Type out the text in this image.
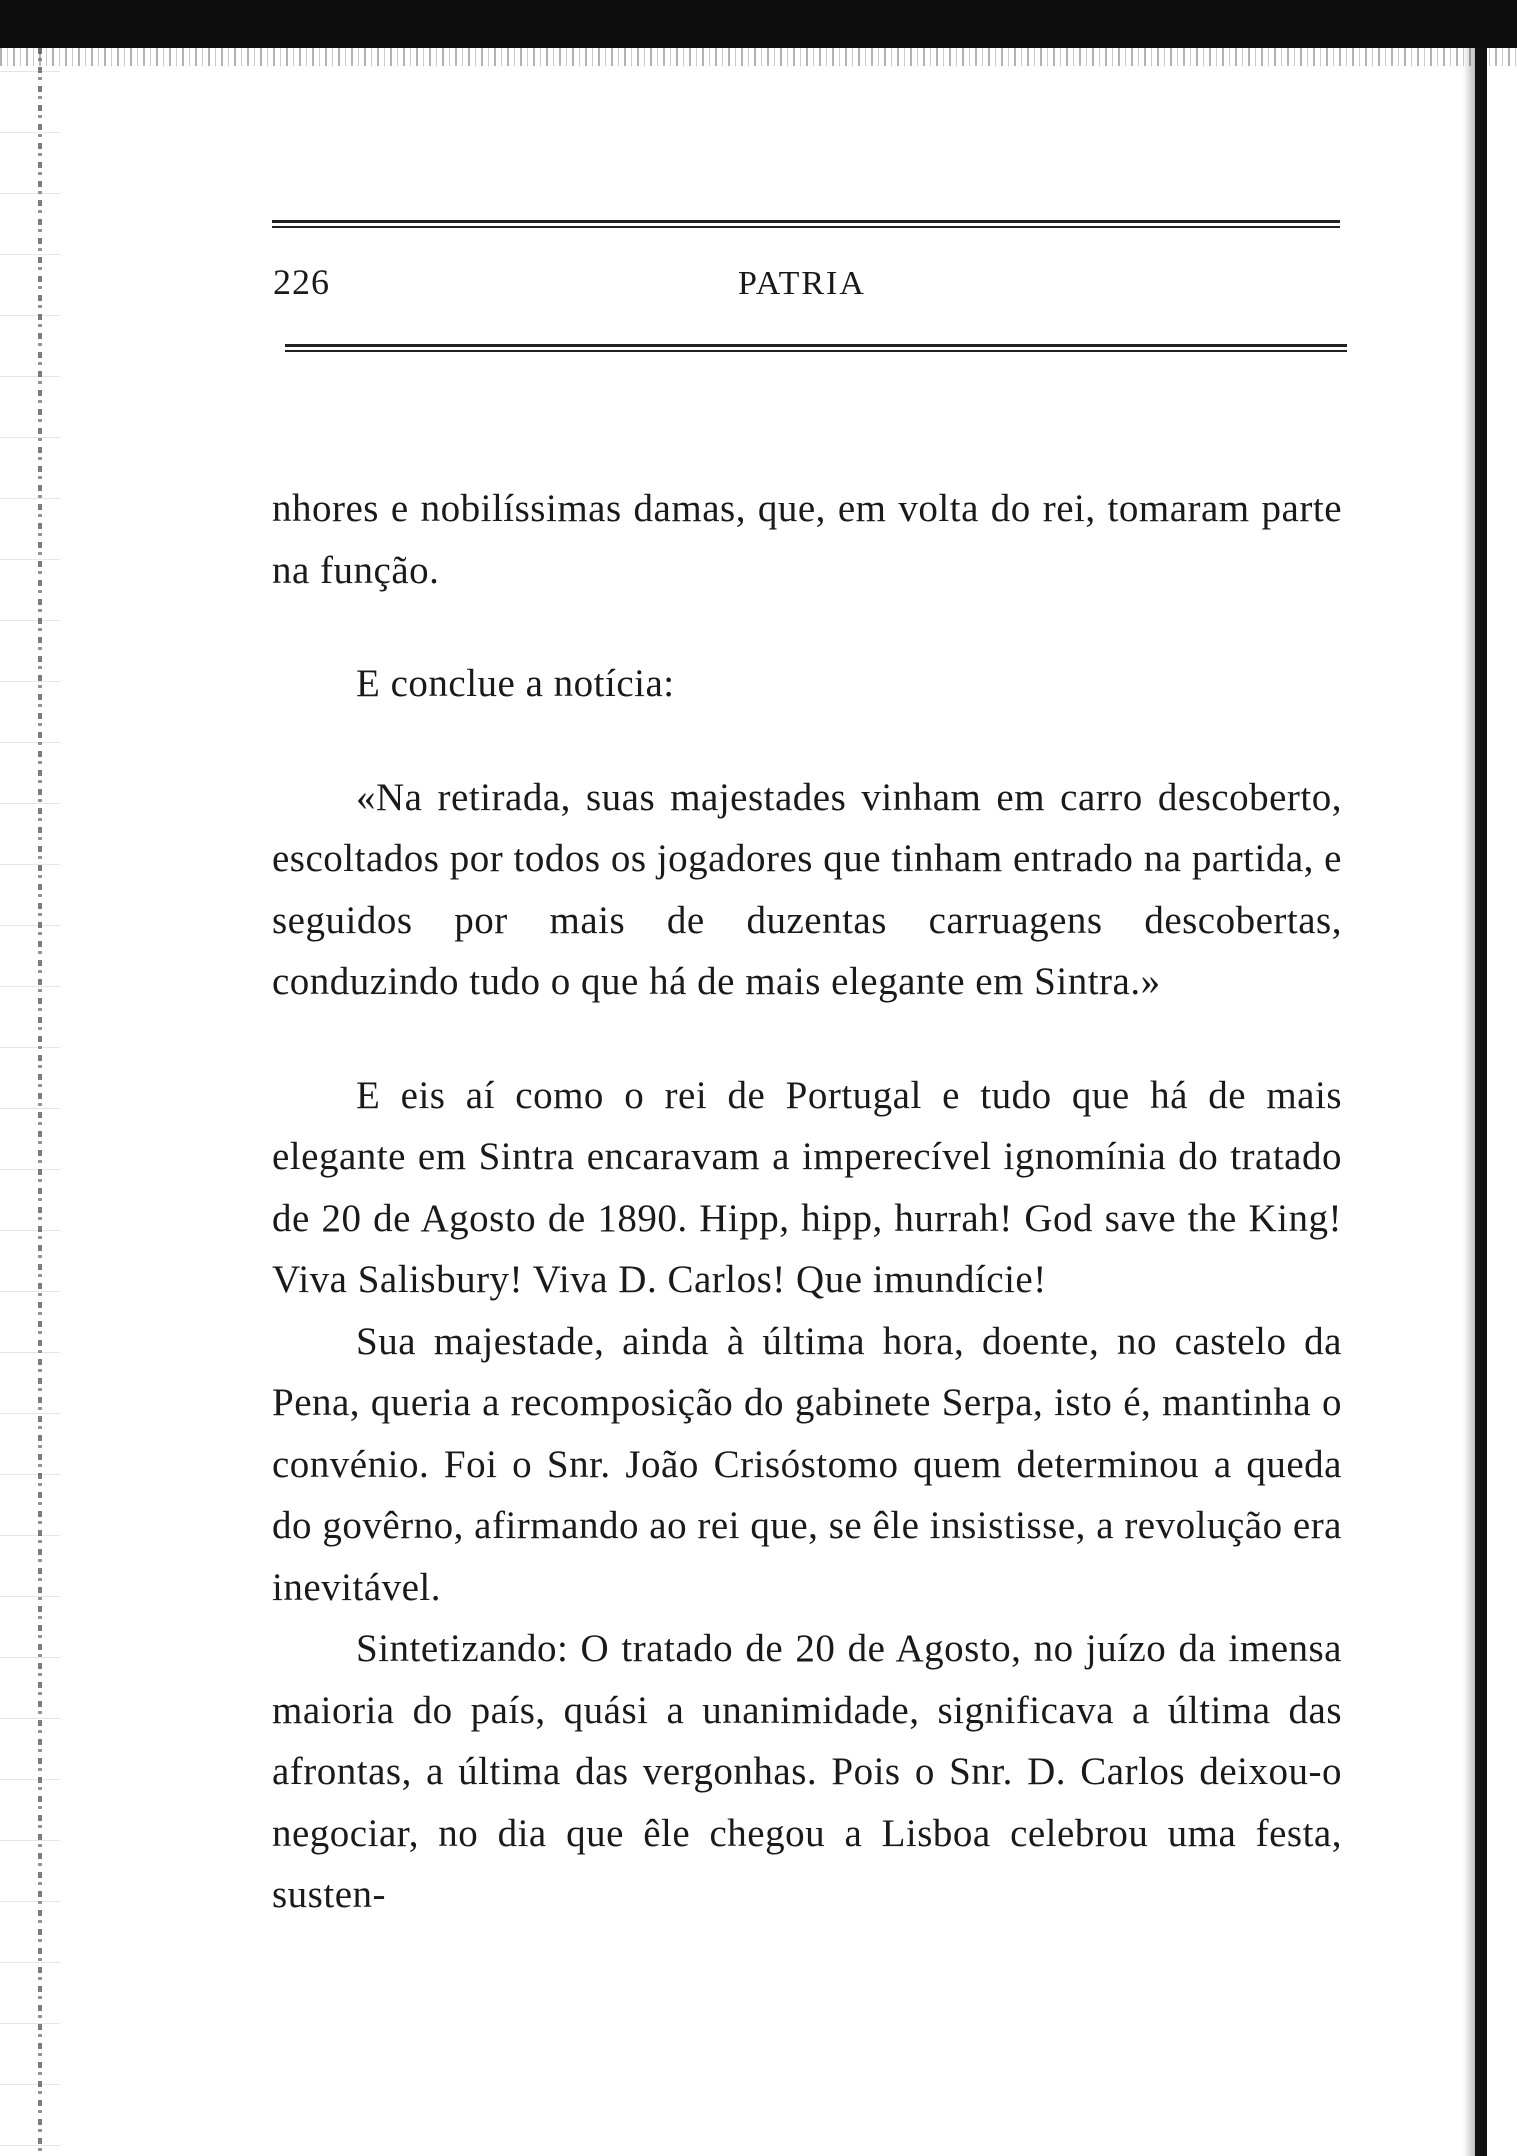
226	PATRIA

nhores e nobilíssimas damas, que, em volta do rei, tomaram parte na função.

E conclue a notícia:

«Na retirada, suas majestades vinham em carro descoberto, escoltados por todos os jogadores que tinham entrado na partida, e seguidos por mais de duzentas carruagens descobertas, conduzindo tudo o que há de mais elegante em Sintra.»

E eis aí como o rei de Portugal e tudo que há de mais elegante em Sintra encaravam a imperecível ignomínia do tratado de 20 de Agosto de 1890. Hipp, hipp, hurrah! God save the King! Viva Salisbury! Viva D. Carlos! Que imundície!

Sua majestade, ainda à última hora, doente, no castelo da Pena, queria a recomposição do gabinete Serpa, isto é, mantinha o convénio. Foi o Snr. João Crisóstomo quem determinou a queda do govêrno, afirmando ao rei que, se êle insistisse, a revolução era inevitável.

Sintetizando: O tratado de 20 de Agosto, no juízo da imensa maioria do país, quási a unanimidade, significava a última das afrontas, a última das vergonhas. Pois o Snr. D. Carlos deixou-o negociar, no dia que êle chegou a Lisboa celebrou uma festa, susten-
